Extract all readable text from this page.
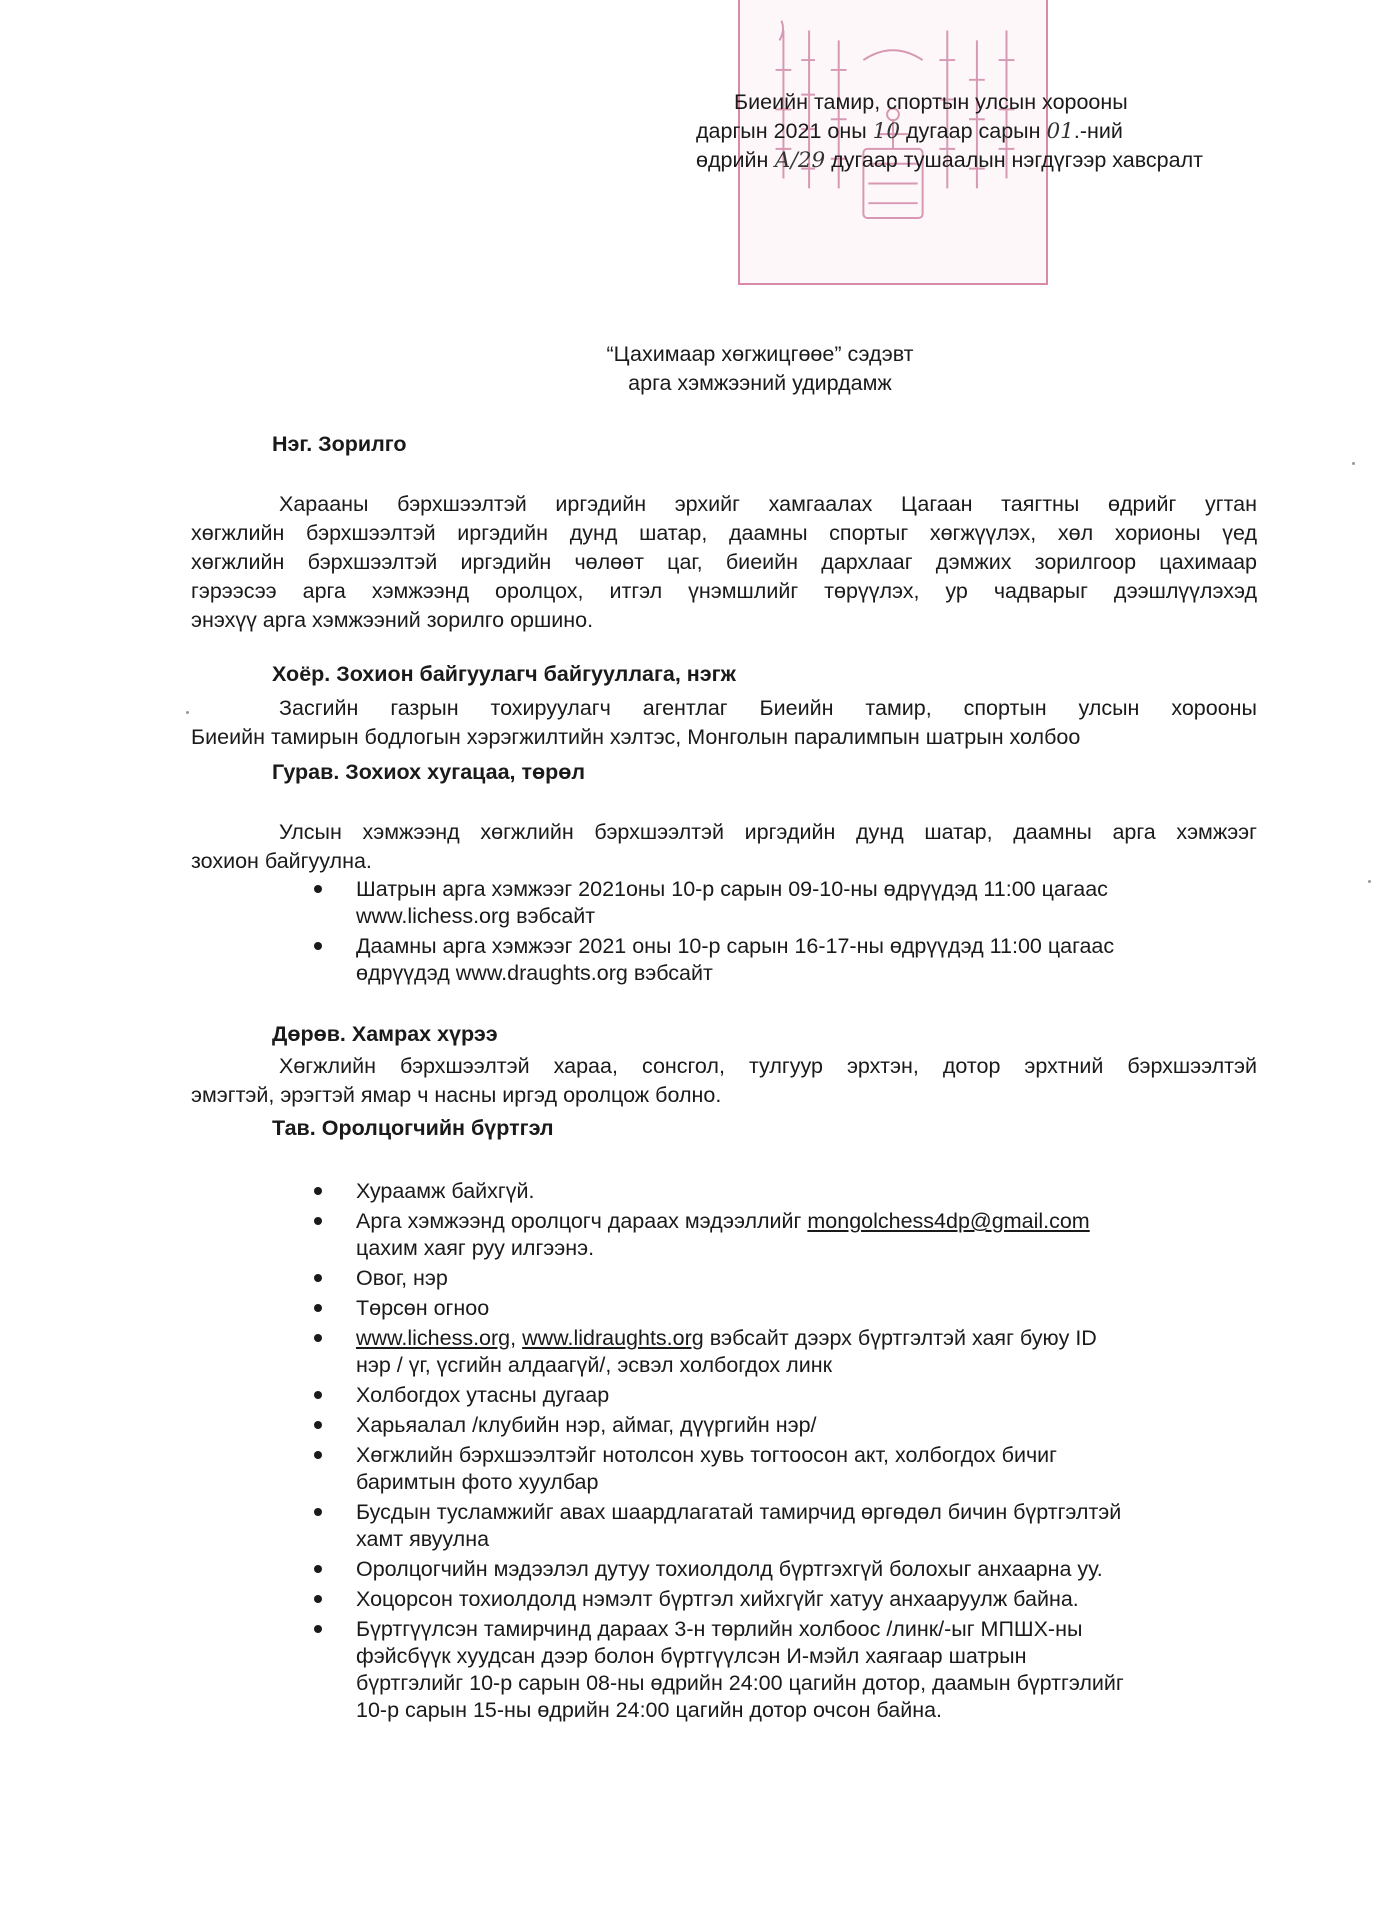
Биеийн тамир, спортын улсын хорооны
даргын 2021 оны 10 дугаар сарын 01.-ний
өдрийн А/29 дугаар тушаалын нэгдүгээр хавсралт
“Цахимаар хөгжицгөөе” сэдэвт
арга хэмжээний удирдамж
Нэг. Зорилго
Хараaны бэрхшээлтэй иргэдийн эрхийг хамгаалах Цагаан таягтны өдрийг угтан
хөгжлийн бэрхшээлтэй иргэдийн дунд шатар, даамны спортыг хөгжүүлэх, хөл хорионы үед
хөгжлийн бэрхшээлтэй иргэдийн чөлөөт цаг, биеийн дархлааг дэмжих зорилгоор цахимаар
гэрээсээ арга хэмжээнд оролцох, итгэл үнэмшлийг төрүүлэх, ур чадварыг дээшлүүлэхэд
энэхүү арга хэмжээний зорилго оршино.
Хоёр. Зохион байгуулагч байгууллага, нэгж
Засгийн газрын тохируулагч агентлаг Биеийн тамир, спортын улсын хорооны
Биеийн тамирын бодлогын хэрэгжилтийн хэлтэс, Монголын паралимпын шатрын холбоо
Гурав. Зохиох хугацаа, төрөл
Улсын хэмжээнд хөгжлийн бэрхшээлтэй иргэдийн дунд шатар, даамны арга хэмжээг
зохион байгуулна.
Шатрын арга хэмжээг 2021оны 10-р сарын 09-10-ны өдрүүдэд 11:00 цагаас
www.lichess.org вэбсайт
Даамны арга хэмжээг 2021 оны 10-р сарын 16-17-ны өдрүүдэд 11:00 цагаас
өдрүүдэд www.draughts.org вэбсайт
Дөрөв. Хамрах хүрээ
Хөгжлийн бэрхшээлтэй хараа, сонсгол, тулгуур эрхтэн, дотор эрхтний бэрхшээлтэй
эмэгтэй, эрэгтэй ямар ч насны иргэд оролцож болно.
Тав. Оролцогчийн бүртгэл
Хураамж байхгүй.
Арга хэмжээнд оролцогч дараах мэдээллийг mongolchess4dp@gmail.com
цахим хаяг руу илгээнэ.
Овог, нэр
Төрсөн огноо
www.lichess.org, www.lidraughts.org вэбсайт дээрх бүртгэлтэй хаяг буюу ID
нэр / үг, үсгийн алдаагүй/, эсвэл холбогдох линк
Холбогдох утасны дугаар
Харьяалал /клубийн нэр, аймаг, дүүргийн нэр/
Хөгжлийн бэрхшээлтэйг нотолсон хувь тогтоосон акт, холбогдох бичиг
баримтын фото хуулбар
Бусдын тусламжийг авах шаардлагатай тамирчид өргөдөл бичин бүртгэлтэй
хамт явуулна
Оролцогчийн мэдээлэл дутуу тохиолдолд бүртгэхгүй болохыг анхаарна уу.
Хоцорсон тохиолдолд нэмэлт бүртгэл хийхгүйг хатуу анхааруулж байна.
Бүртгүүлсэн тамирчинд дараах 3-н төрлийн холбоос /линк/-ыг МПШХ-ны
фэйсбүүк хуудсан дээр болон бүртгүүлсэн И-мэйл хаягаар шатрын
бүртгэлийг 10-р сарын 08-ны өдрийн 24:00 цагийн дотор, даамын бүртгэлийг
10-р сарын 15-ны өдрийн 24:00 цагийн дотор очсон байна.
